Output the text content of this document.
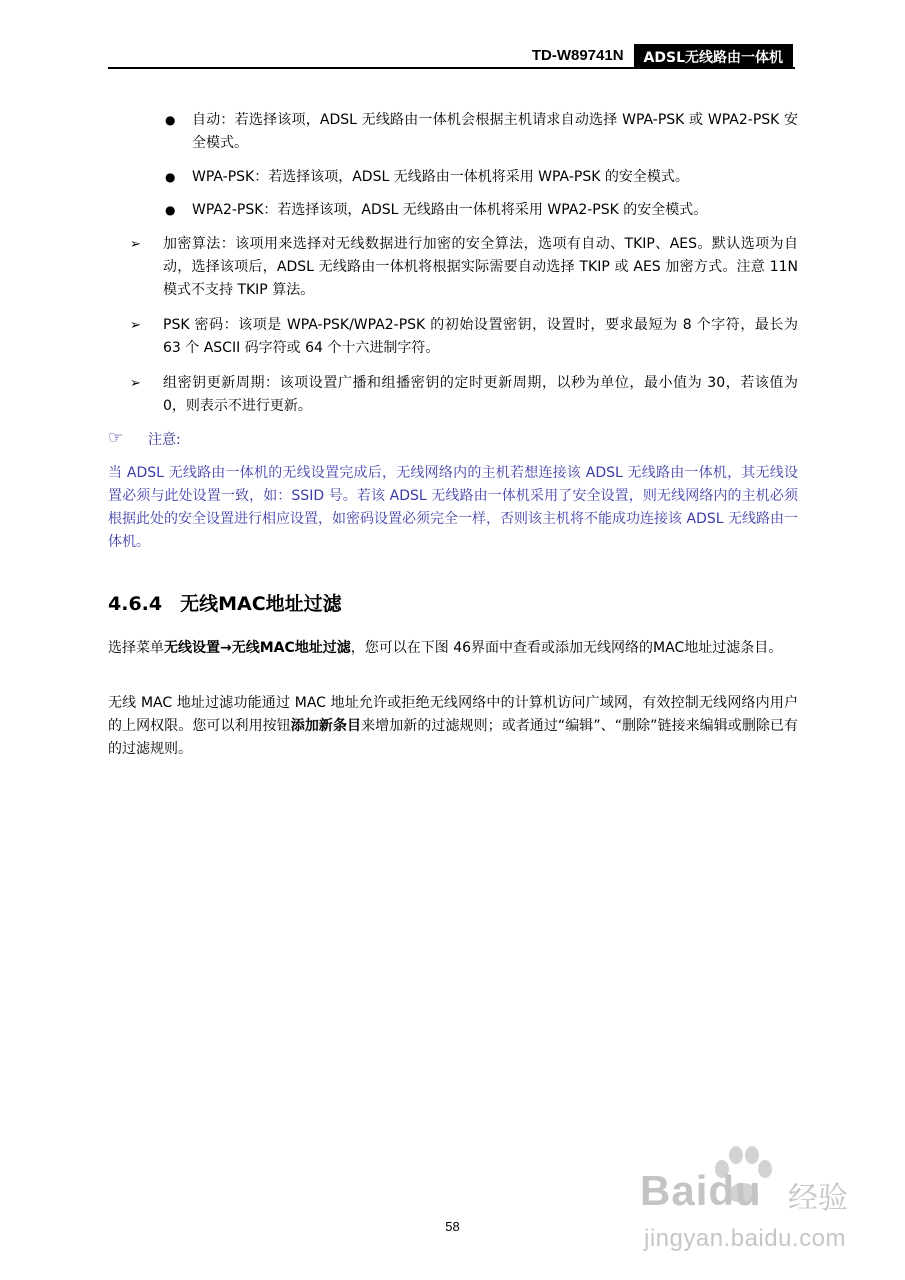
TD-W89741N	ADSL无线路由一体机
● 自动：若选择该项，ADSL 无线路由一体机会根据主机请求自动选择 WPA-PSK 或 WPA2-PSK 安全模式。
● WPA-PSK：若选择该项，ADSL 无线路由一体机将采用 WPA-PSK 的安全模式。
● WPA2-PSK：若选择该项，ADSL 无线路由一体机将采用 WPA2-PSK 的安全模式。
➢ 加密算法：该项用来选择对无线数据进行加密的安全算法，选项有自动、TKIP、AES。默认选项为自动，选择该项后，ADSL 无线路由一体机将根据实际需要自动选择 TKIP 或 AES 加密方式。注意 11N 模式不支持 TKIP 算法。
➢ PSK 密码：该项是 WPA-PSK/WPA2-PSK 的初始设置密钥，设置时，要求最短为 8 个字符，最长为 63 个 ASCII 码字符或 64 个十六进制字符。
➢ 组密钥更新周期：该项设置广播和组播密钥的定时更新周期，以秒为单位，最小值为 30，若该值为 0，则表示不进行更新。
☞ 注意:
当 ADSL 无线路由一体机的无线设置完成后，无线网络内的主机若想连接该 ADSL 无线路由一体机，其无线设置必须与此处设置一致，如：SSID 号。若该 ADSL 无线路由一体机采用了安全设置，则无线网络内的主机必须根据此处的安全设置进行相应设置，如密码设置必须完全一样，否则该主机将不能成功连接该 ADSL 无线路由一体机。
4.6.4 无线MAC地址过滤
选择菜单无线设置→无线MAC地址过滤，您可以在下图 46界面中查看或添加无线网络的MAC地址过滤条目。
无线 MAC 地址过滤功能通过 MAC 地址允许或拒绝无线网络中的计算机访问广域网，有效控制无线网络内用户的上网权限。您可以利用按钮添加新条目来增加新的过滤规则；或者通过“编辑”、“删除”链接来编辑或删除已有的过滤规则。
58
Baidu 经验
jingyan.baidu.com
